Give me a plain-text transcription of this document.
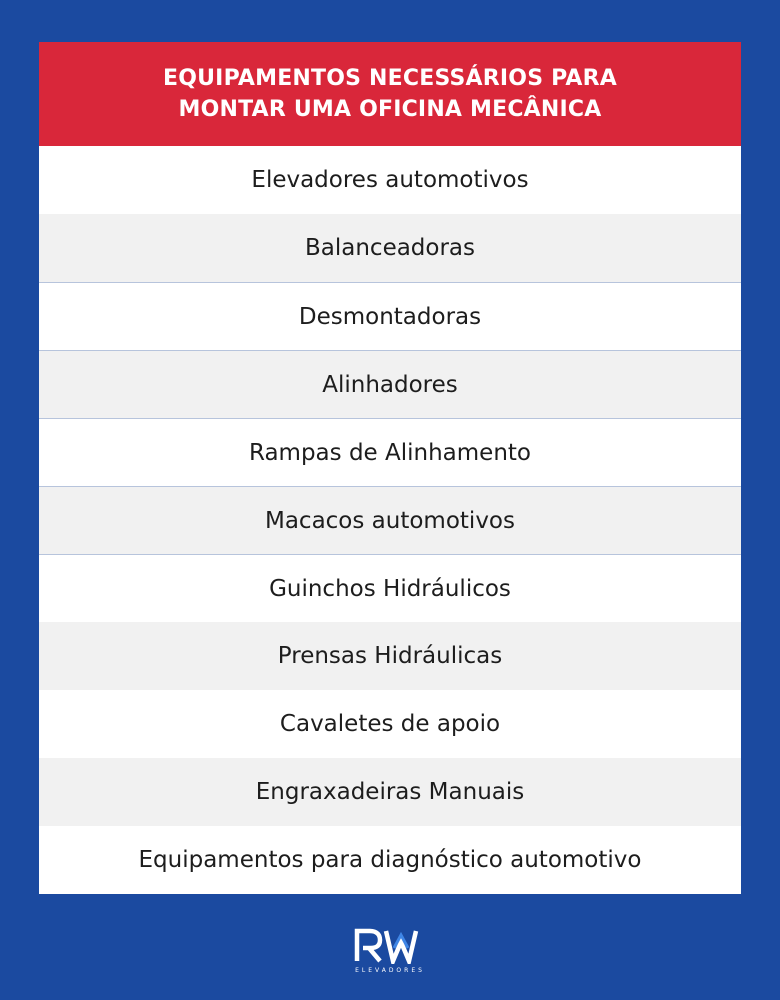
EQUIPAMENTOS NECESSÁRIOS PARA MONTAR UMA OFICINA MECÂNICA
Elevadores automotivos
Balanceadoras
Desmontadoras
Alinhadores
Rampas de Alinhamento
Macacos automotivos
Guinchos Hidráulicos
Prensas Hidráulicas
Cavaletes de apoio
Engraxadeiras Manuais
Equipamentos para diagnóstico automotivo
ELEVADORES
